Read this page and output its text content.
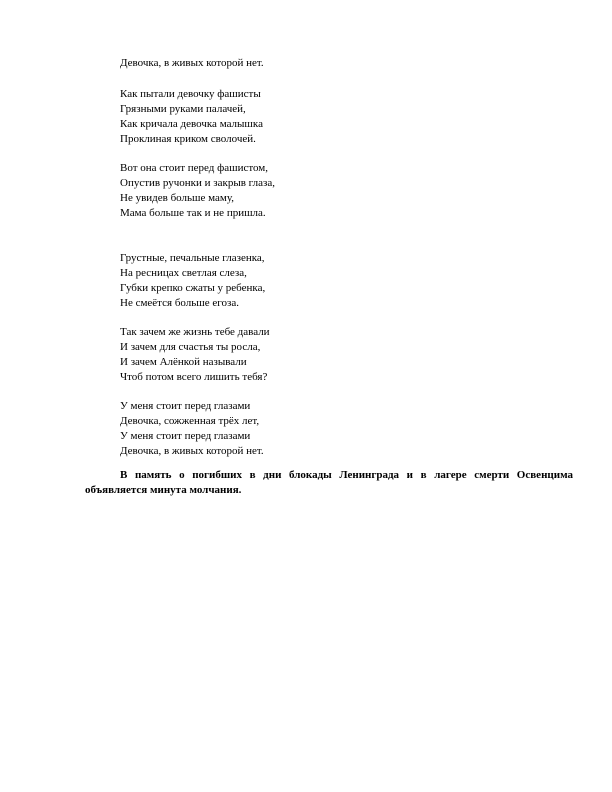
Девочка, в живых которой нет.
Как пытали девочку фашисты
Грязными руками палачей,
Как кричала девочка малышка
Проклиная криком сволочей.
Вот она стоит перед фашистом,
Опустив ручонки и закрыв глаза,
Не увидев больше маму,
Мама больше так и не пришла.
Грустные, печальные глазенка,
На ресницах светлая слеза,
Губки крепко сжаты у ребенка,
Не смеётся больше егоза.
Так зачем же жизнь тебе давали
И зачем для счастья ты росла,
И зачем Алёнкой называли
Чтоб потом всего лишить тебя?
У меня стоит перед глазами
Девочка, сожженная трёх лет,
У меня стоит перед глазами
Девочка, в живых которой нет.

В память о погибших в дни блокады Ленинграда и в лагере смерти Освенцима объявляется минута молчания.
